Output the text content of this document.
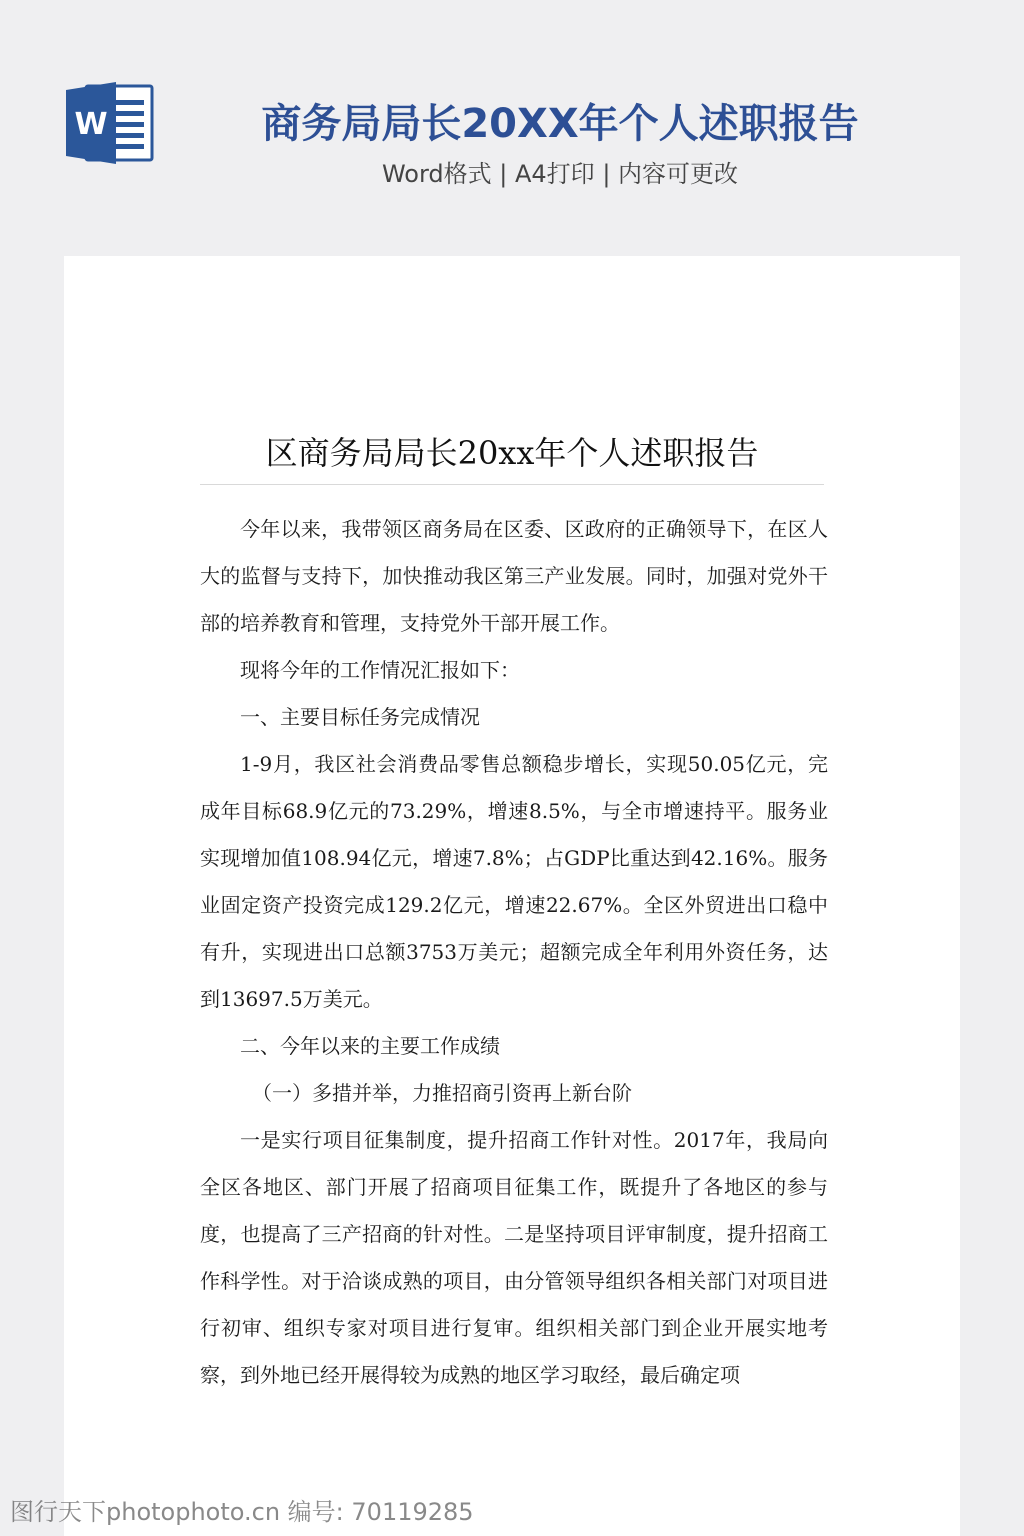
W	商务局局长20XX年个人述职报告
Word格式 | A4打印 | 内容可更改
区商务局局长20xx年个人述职报告

今年以来，我带领区商务局在区委、区政府的正确领导下，在区人大的监督与支持下，加快推动我区第三产业发展。同时，加强对党外干部的培养教育和管理，支持党外干部开展工作。

现将今年的工作情况汇报如下：

一、主要目标任务完成情况

1-9月，我区社会消费品零售总额稳步增长，实现50.05亿元，完成年目标68.9亿元的73.29%，增速8.5%，与全市增速持平。服务业实现增加值108.94亿元，增速7.8%；占GDP比重达到42.16%。服务业固定资产投资完成129.2亿元，增速22.67%。全区外贸进出口稳中有升，实现进出口总额3753万美元；超额完成全年利用外资任务，达到13697.5万美元。

二、今年以来的主要工作成绩

（一）多措并举，力推招商引资再上新台阶

一是实行项目征集制度，提升招商工作针对性。2017年，我局向全区各地区、部门开展了招商项目征集工作，既提升了各地区的参与度，也提高了三产招商的针对性。二是坚持项目评审制度，提升招商工作科学性。对于洽谈成熟的项目，由分管领导组织各相关部门对项目进行初审、组织专家对项目进行复审。组织相关部门到企业开展实地考察，到外地已经开展得较为成熟的地区学习取经，最后确定项

图行天下photophoto.cn 编号: 70119285
